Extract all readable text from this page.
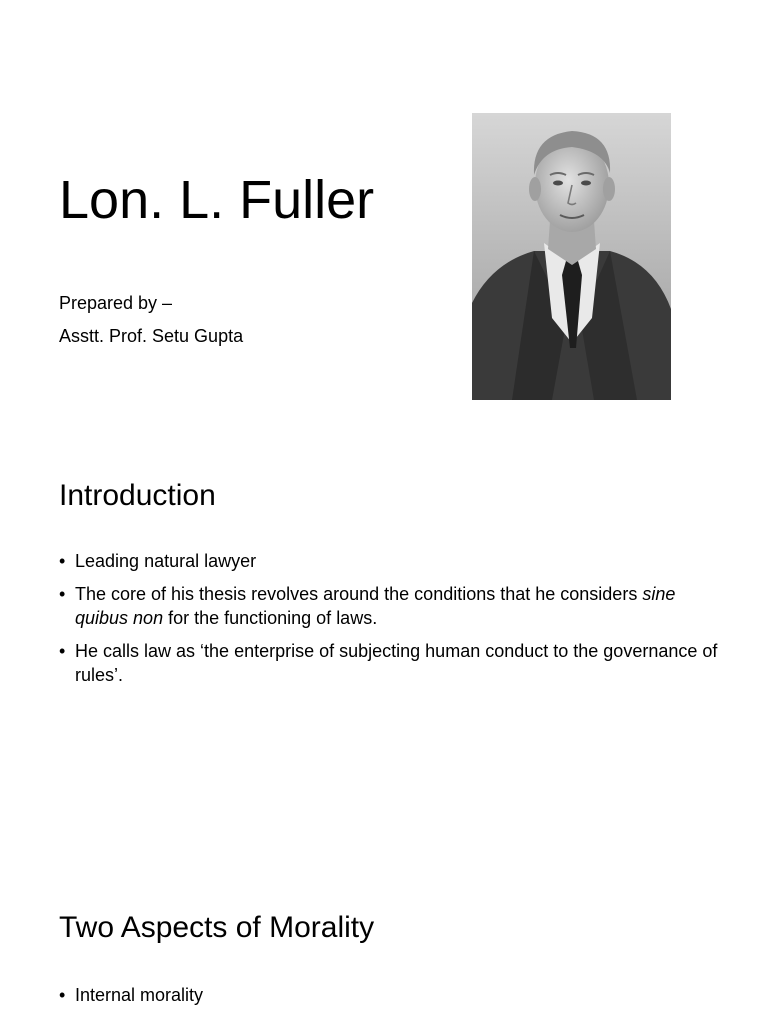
Lon. L. Fuller
Prepared by –
Asstt. Prof. Setu Gupta
Introduction
• Leading natural lawyer
• The core of his thesis revolves around the conditions that he considers sine quibus non for the functioning of laws.
• He calls law as ‘the enterprise of subjecting human conduct to the governance of rules’.
Two Aspects of Morality
• Internal morality
